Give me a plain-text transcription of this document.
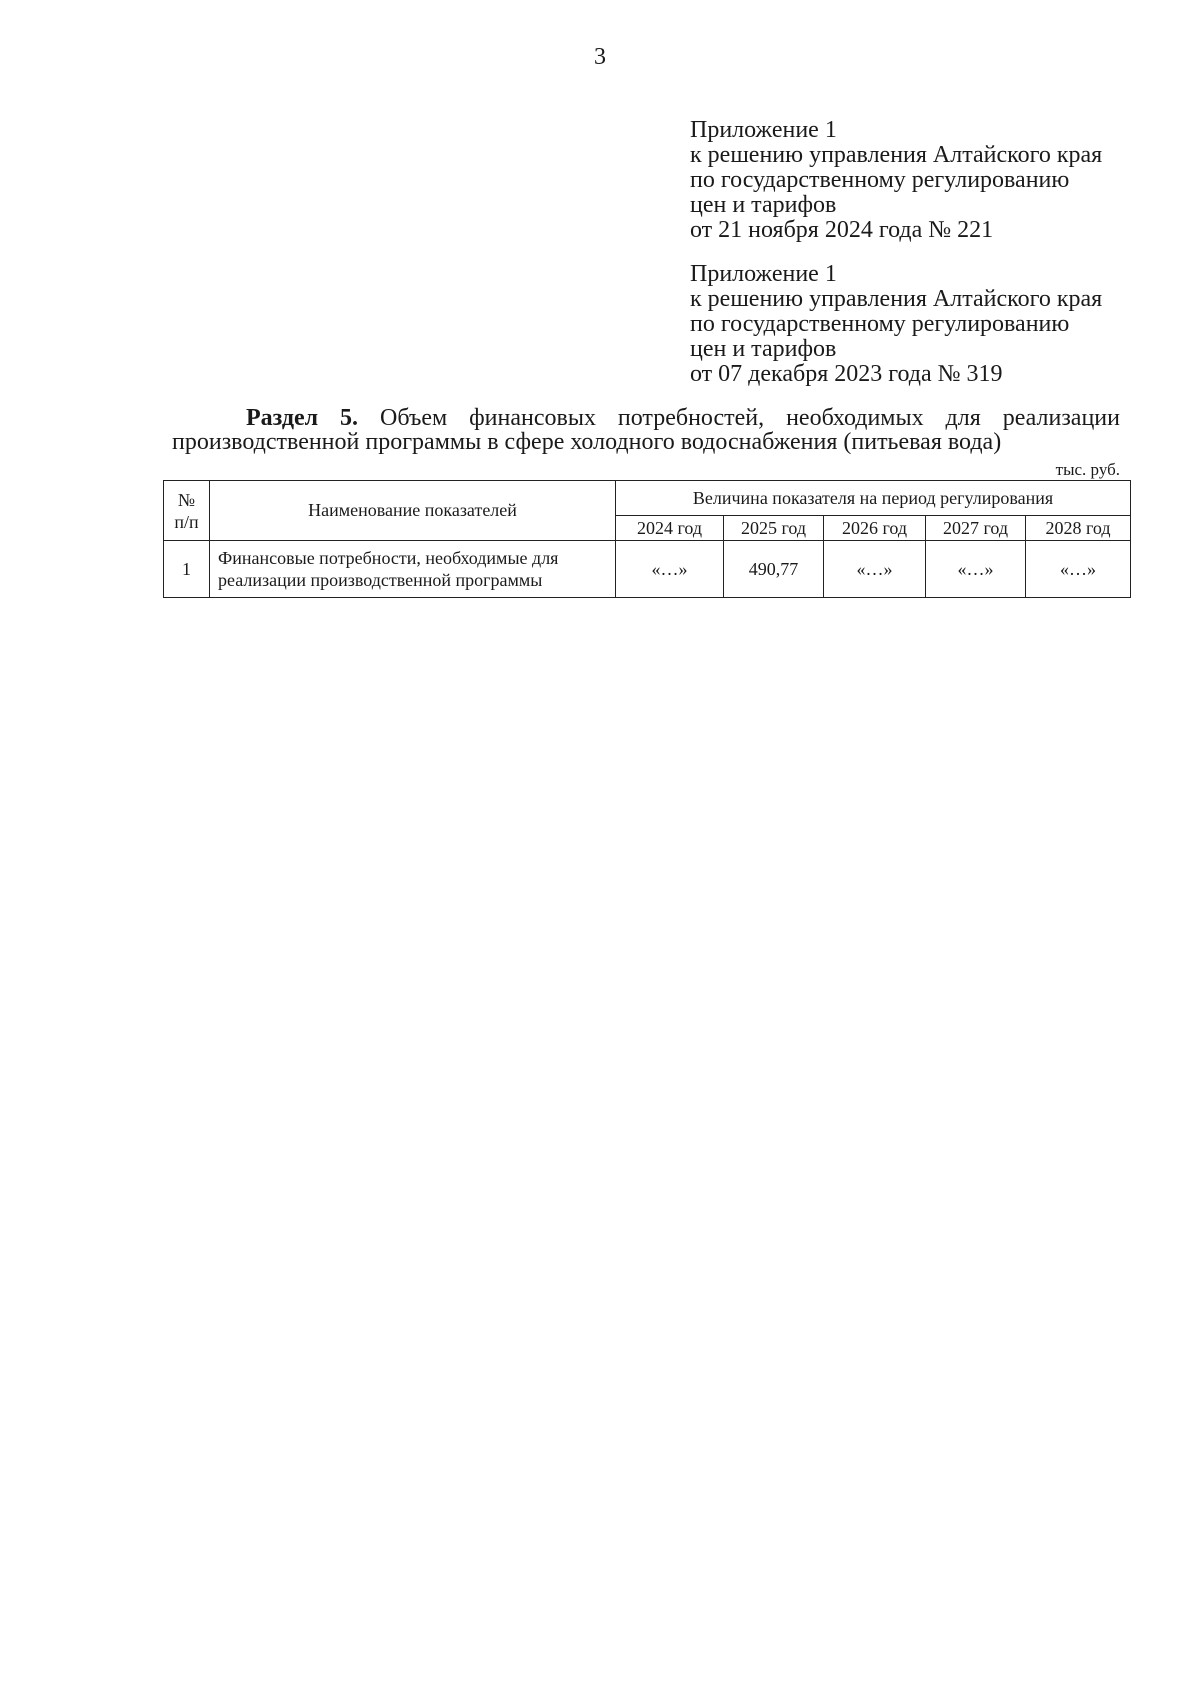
3
Приложение 1
к решению управления Алтайского края
по государственному регулированию
цен и тарифов
от 21 ноября 2024 года № 221
Приложение 1
к решению управления Алтайского края
по государственному регулированию
цен и тарифов
от 07 декабря 2023 года № 319
Раздел 5. Объем финансовых потребностей, необходимых для реализации
производственной программы в сфере холодного водоснабжения (питьевая вода)
тыс. руб.
№
п/п	Наименование показателей	Величина показателя на период регулирования				
		2024 год	2025 год	2026 год	2027 год	2028 год
1	Финансовые потребности, необходимые для
реализации производственной программы	«…»	490,77	«…»	«…»	«…»
